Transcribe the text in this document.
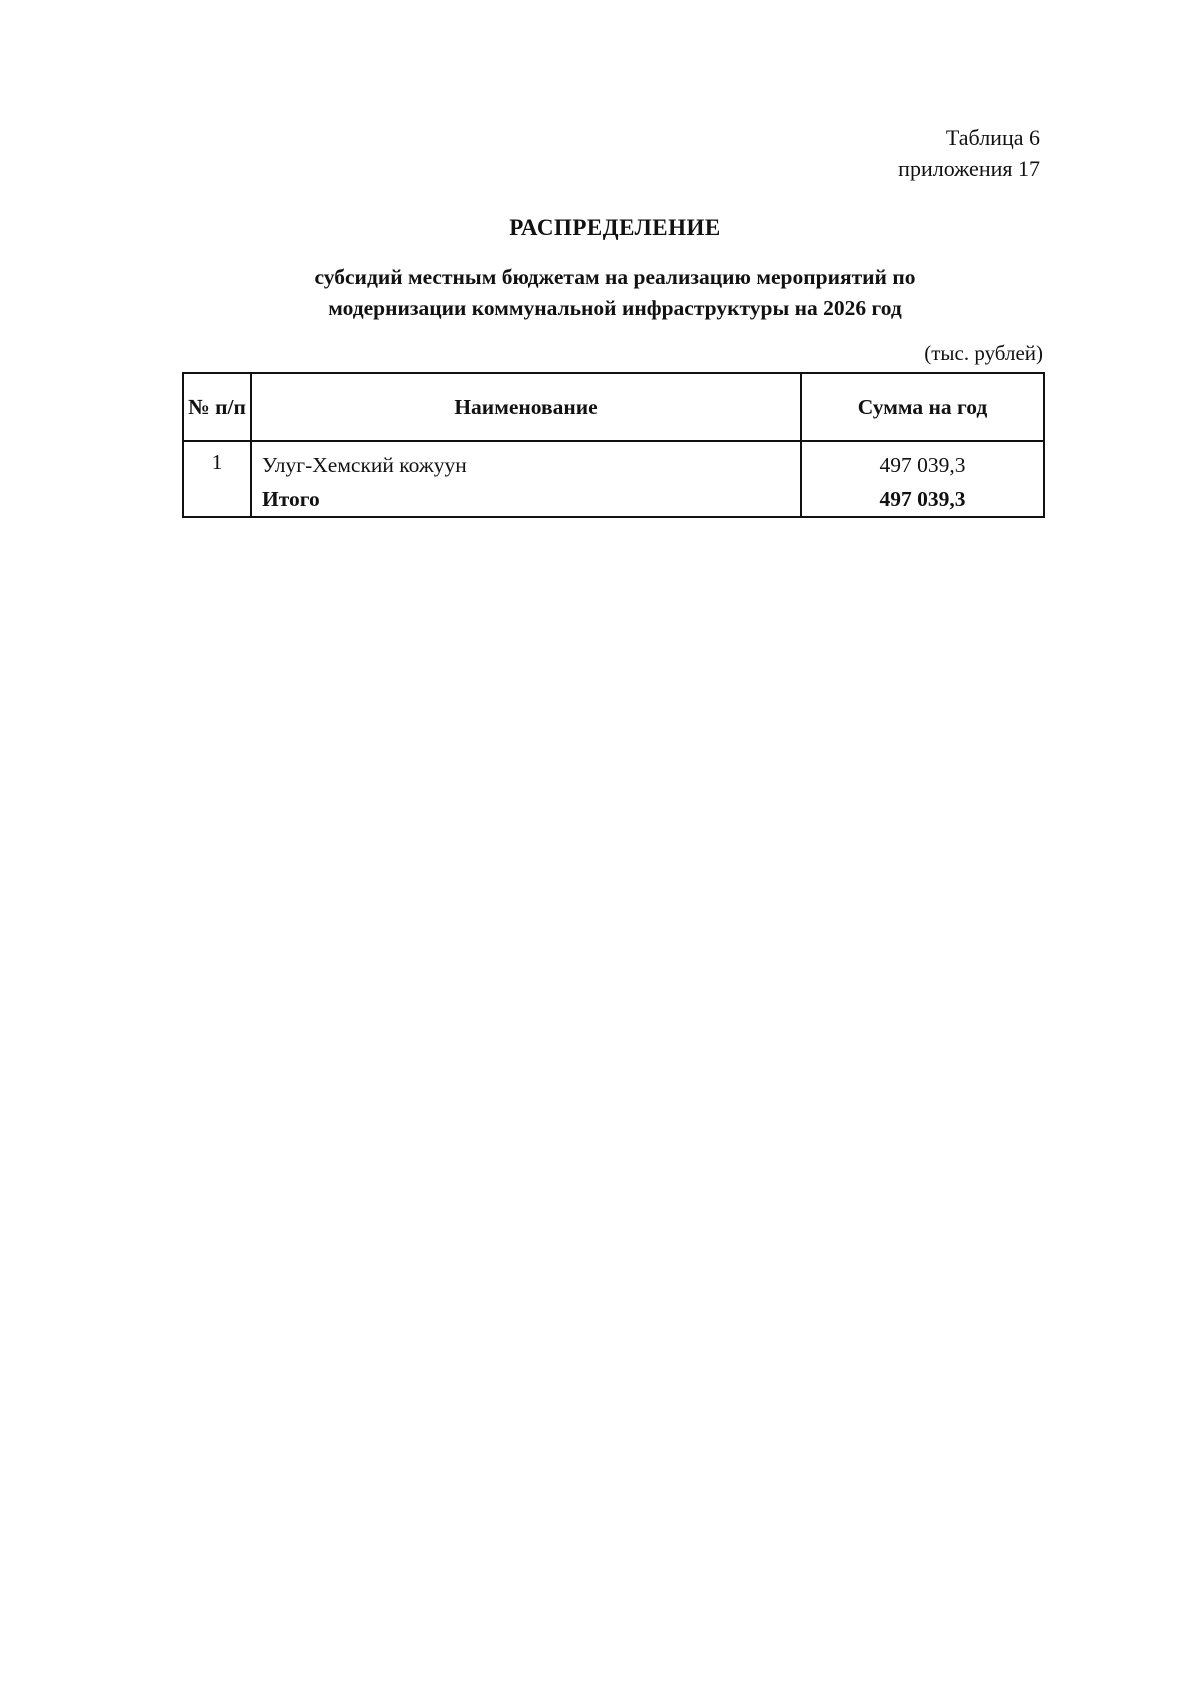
Таблица 6
приложения 17
РАСПРЕДЕЛЕНИЕ
субсидий местным бюджетам на реализацию мероприятий по
модернизации коммунальной инфраструктуры на 2026 год
(тыс. рублей)
№ п/п	Наименование	Сумма на год
1	Улуг-Хемский кожуун	497 039,3
	Итого	497 039,3
